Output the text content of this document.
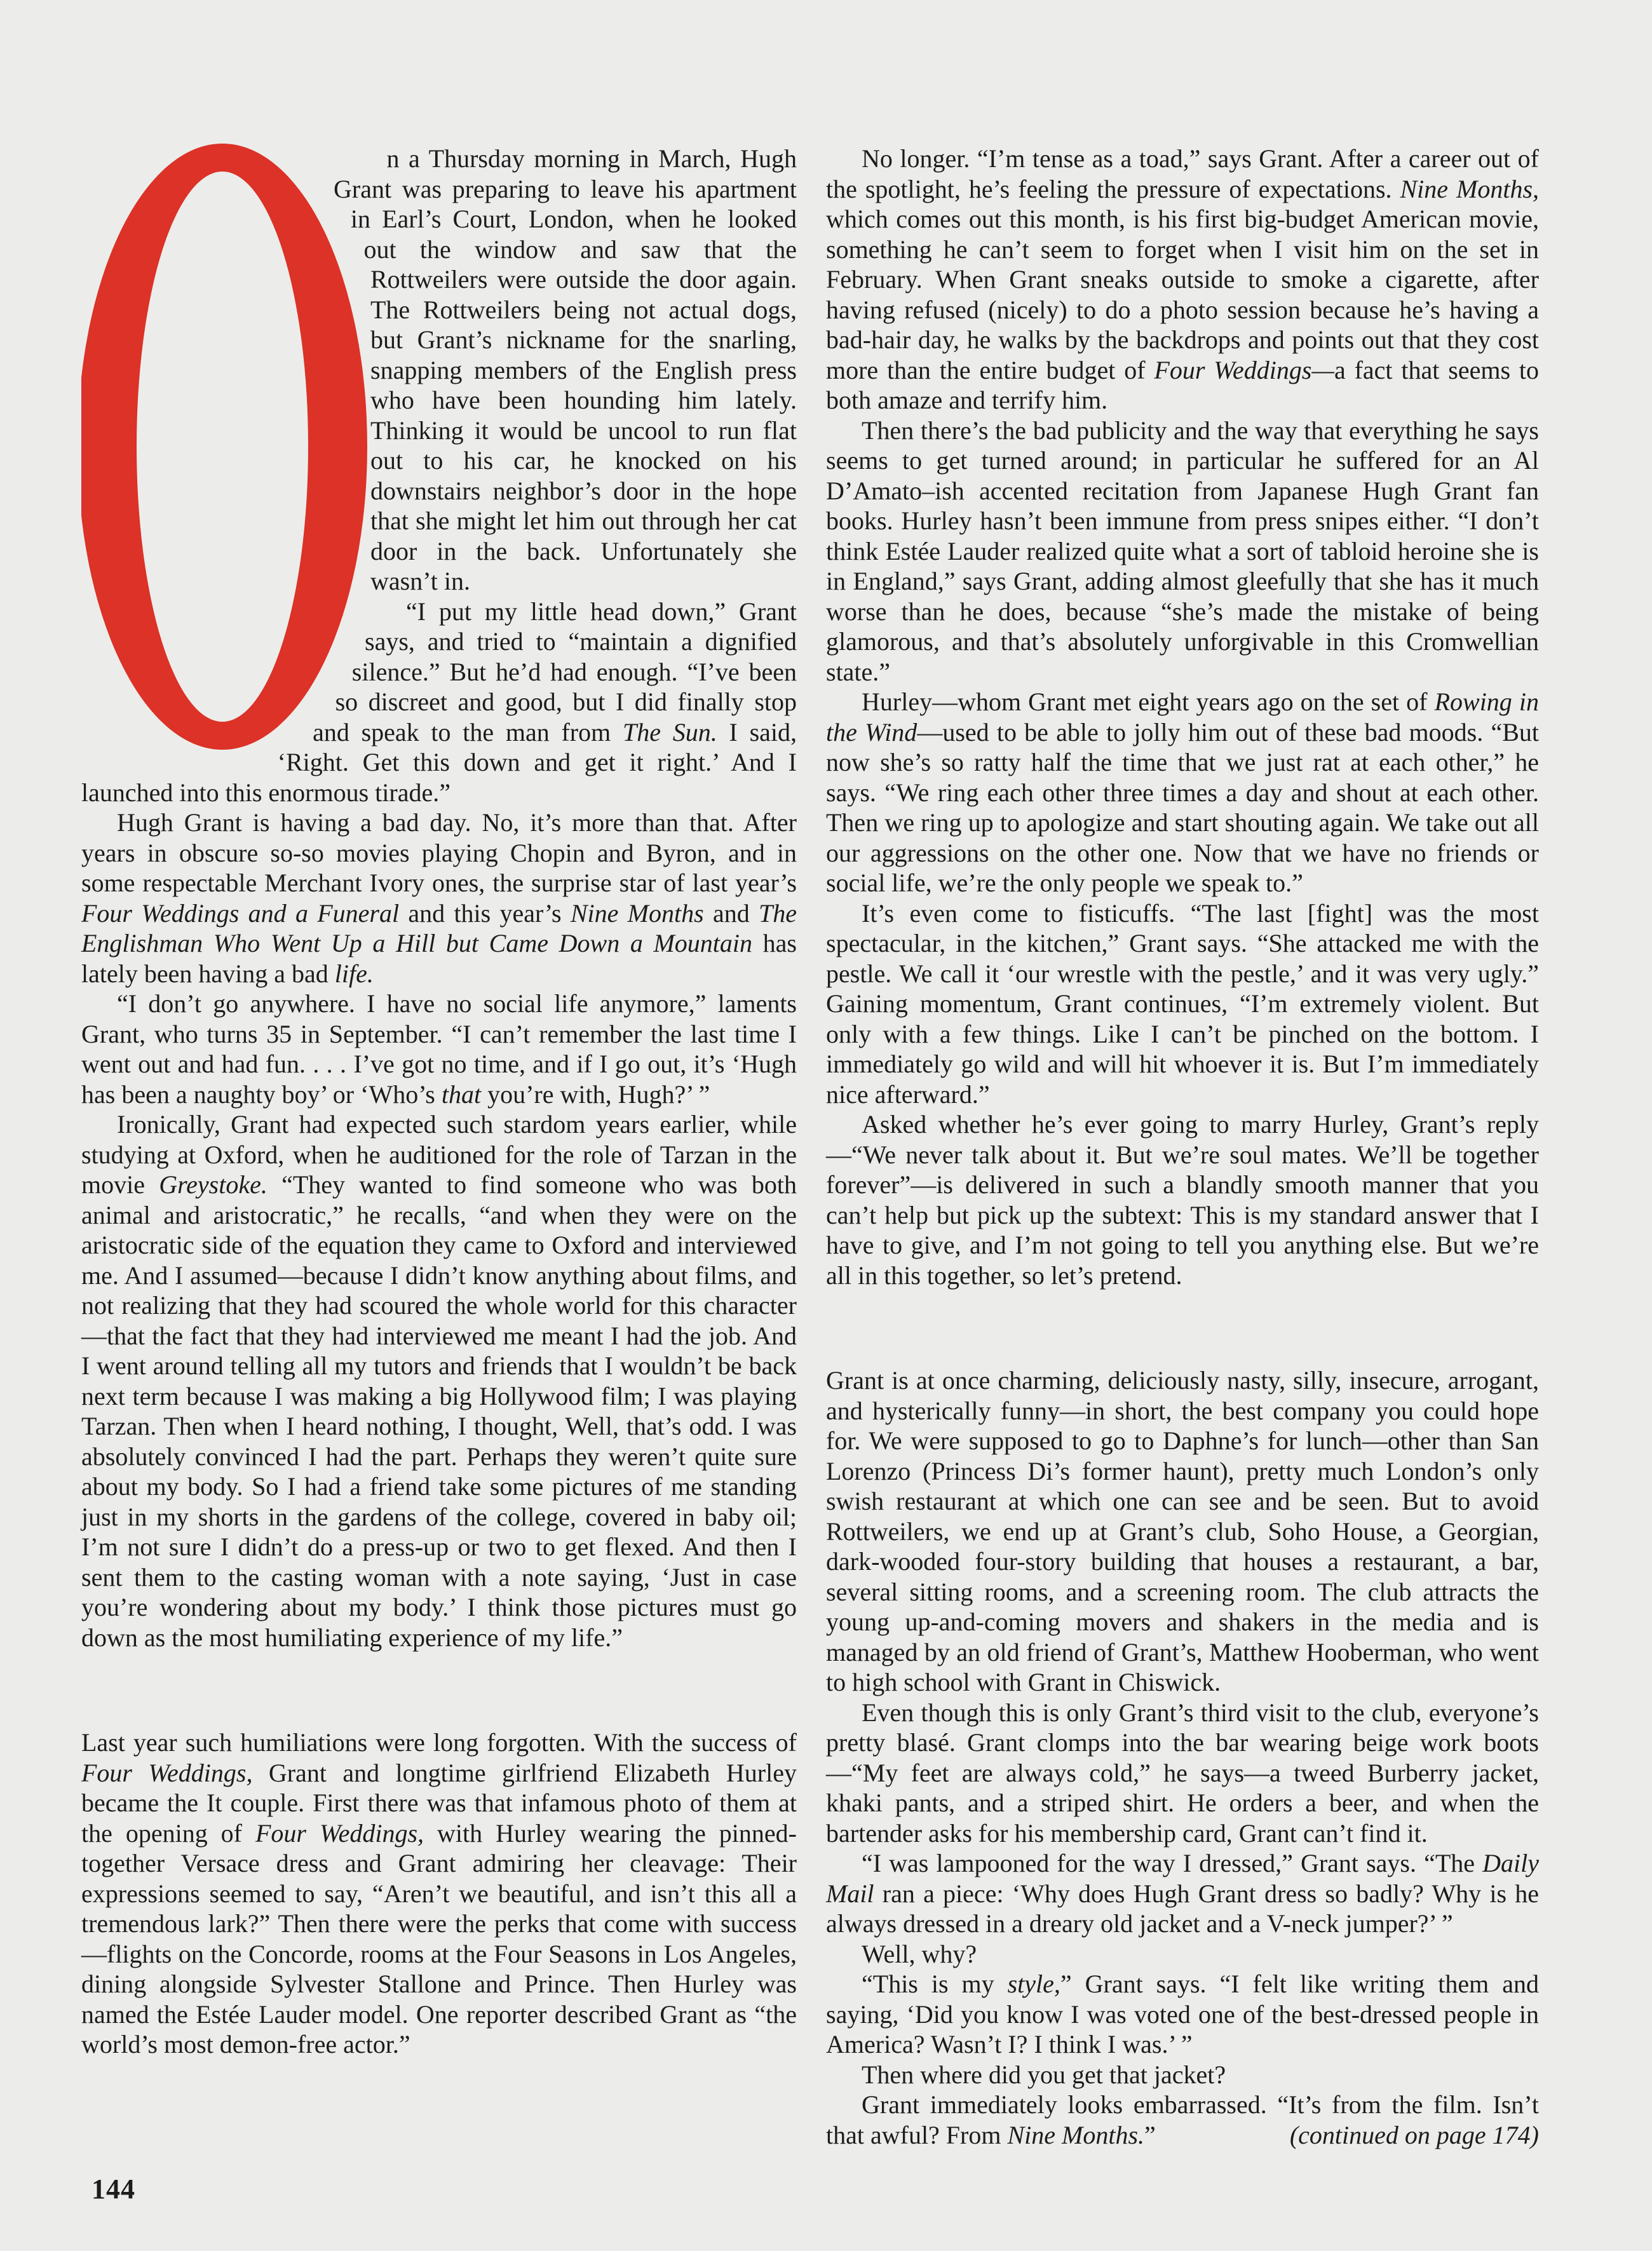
n a Thursday morning in March, Hugh Grant was preparing to leave his apartment in Earl’s Court, London, when he looked out the window and saw that the Rottweilers were outside the door again. The Rottweilers being not actual dogs, but Grant’s nickname for the snarling, snapping members of the English press who have been hounding him lately. Thinking it would be uncool to run flat out to his car, he knocked on his downstairs neighbor’s door in the hope that she might let him out through her cat door in the back. Unfortunately she wasn’t in.

“I put my little head down,” Grant says, and tried to “maintain a dignified silence.” But he’d had enough. “I’ve been so discreet and good, but I did finally stop and speak to the man from The Sun. I said, ‘Right. Get this down and get it right.’ And I launched into this enormous tirade.”

Hugh Grant is having a bad day. No, it’s more than that. After years in obscure so-so movies playing Chopin and Byron, and in some respectable Merchant Ivory ones, the surprise star of last year’s Four Weddings and a Funeral and this year’s Nine Months and The Englishman Who Went Up a Hill but Came Down a Mountain has lately been having a bad life.

“I don’t go anywhere. I have no social life anymore,” laments Grant, who turns 35 in September. “I can’t remember the last time I went out and had fun. . . . I’ve got no time, and if I go out, it’s ‘Hugh has been a naughty boy’ or ‘Who’s that you’re with, Hugh?’ ”

Ironically, Grant had expected such stardom years earlier, while studying at Oxford, when he auditioned for the role of Tarzan in the movie Greystoke. “They wanted to find someone who was both animal and aristocratic,” he recalls, “and when they were on the aristocratic side of the equation they came to Oxford and interviewed me. And I assumed—because I didn’t know anything about films, and not realizing that they had scoured the whole world for this character—that the fact that they had interviewed me meant I had the job. And I went around telling all my tutors and friends that I wouldn’t be back next term because I was making a big Hollywood film; I was playing Tarzan. Then when I heard nothing, I thought, Well, that’s odd. I was absolutely convinced I had the part. Perhaps they weren’t quite sure about my body. So I had a friend take some pictures of me standing just in my shorts in the gardens of the college, covered in baby oil; I’m not sure I didn’t do a press-up or two to get flexed. And then I sent them to the casting woman with a note saying, ‘Just in case you’re wondering about my body.’ I think those pictures must go down as the most humiliating experience of my life.”

Last year such humiliations were long forgotten. With the success of Four Weddings, Grant and longtime girlfriend Elizabeth Hurley became the It couple. First there was that infamous photo of them at the opening of Four Weddings, with Hurley wearing the pinned-together Versace dress and Grant admiring her cleavage: Their expressions seemed to say, “Aren’t we beautiful, and isn’t this all a tremendous lark?” Then there were the perks that come with success—flights on the Concorde, rooms at the Four Seasons in Los Angeles, dining alongside Sylvester Stallone and Prince. Then Hurley was named the Estée Lauder model. One reporter described Grant as “the world’s most demon-free actor.”

No longer. “I’m tense as a toad,” says Grant. After a career out of the spotlight, he’s feeling the pressure of expectations. Nine Months, which comes out this month, is his first big-budget American movie, something he can’t seem to forget when I visit him on the set in February. When Grant sneaks outside to smoke a cigarette, after having refused (nicely) to do a photo session because he’s having a bad-hair day, he walks by the backdrops and points out that they cost more than the entire budget of Four Weddings—a fact that seems to both amaze and terrify him.

Then there’s the bad publicity and the way that everything he says seems to get turned around; in particular he suffered for an Al D’Amato–ish accented recitation from Japanese Hugh Grant fan books. Hurley hasn’t been immune from press snipes either. “I don’t think Estée Lauder realized quite what a sort of tabloid heroine she is in England,” says Grant, adding almost gleefully that she has it much worse than he does, because “she’s made the mistake of being glamorous, and that’s absolutely unforgivable in this Cromwellian state.”

Hurley—whom Grant met eight years ago on the set of Rowing in the Wind—used to be able to jolly him out of these bad moods. “But now she’s so ratty half the time that we just rat at each other,” he says. “We ring each other three times a day and shout at each other. Then we ring up to apologize and start shouting again. We take out all our aggressions on the other one. Now that we have no friends or social life, we’re the only people we speak to.”

It’s even come to fisticuffs. “The last [fight] was the most spectacular, in the kitchen,” Grant says. “She attacked me with the pestle. We call it ‘our wrestle with the pestle,’ and it was very ugly.” Gaining momentum, Grant continues, “I’m extremely violent. But only with a few things. Like I can’t be pinched on the bottom. I immediately go wild and will hit whoever it is. But I’m immediately nice afterward.”

Asked whether he’s ever going to marry Hurley, Grant’s reply—“We never talk about it. But we’re soul mates. We’ll be together forever”—is delivered in such a blandly smooth manner that you can’t help but pick up the subtext: This is my standard answer that I have to give, and I’m not going to tell you anything else. But we’re all in this together, so let’s pretend.

Grant is at once charming, deliciously nasty, silly, insecure, arrogant, and hysterically funny—in short, the best company you could hope for. We were supposed to go to Daphne’s for lunch—other than San Lorenzo (Princess Di’s former haunt), pretty much London’s only swish restaurant at which one can see and be seen. But to avoid Rottweilers, we end up at Grant’s club, Soho House, a Georgian, dark-wooded four-story building that houses a restaurant, a bar, several sitting rooms, and a screening room. The club attracts the young up-and-coming movers and shakers in the media and is managed by an old friend of Grant’s, Matthew Hooberman, who went to high school with Grant in Chiswick.

Even though this is only Grant’s third visit to the club, everyone’s pretty blasé. Grant clomps into the bar wearing beige work boots—“My feet are always cold,” he says—a tweed Burberry jacket, khaki pants, and a striped shirt. He orders a beer, and when the bartender asks for his membership card, Grant can’t find it.

“I was lampooned for the way I dressed,” Grant says. “The Daily Mail ran a piece: ‘Why does Hugh Grant dress so badly? Why is he always dressed in a dreary old jacket and a V-neck jumper?’ ”

Well, why?

“This is my style,” Grant says. “I felt like writing them and saying, ‘Did you know I was voted one of the best-dressed people in America? Wasn’t I? I think I was.’ ”

Then where did you get that jacket?

Grant immediately looks embarrassed. “It’s from the film. Isn’t that awful? From Nine Months.”	(continued on page 174)

144
